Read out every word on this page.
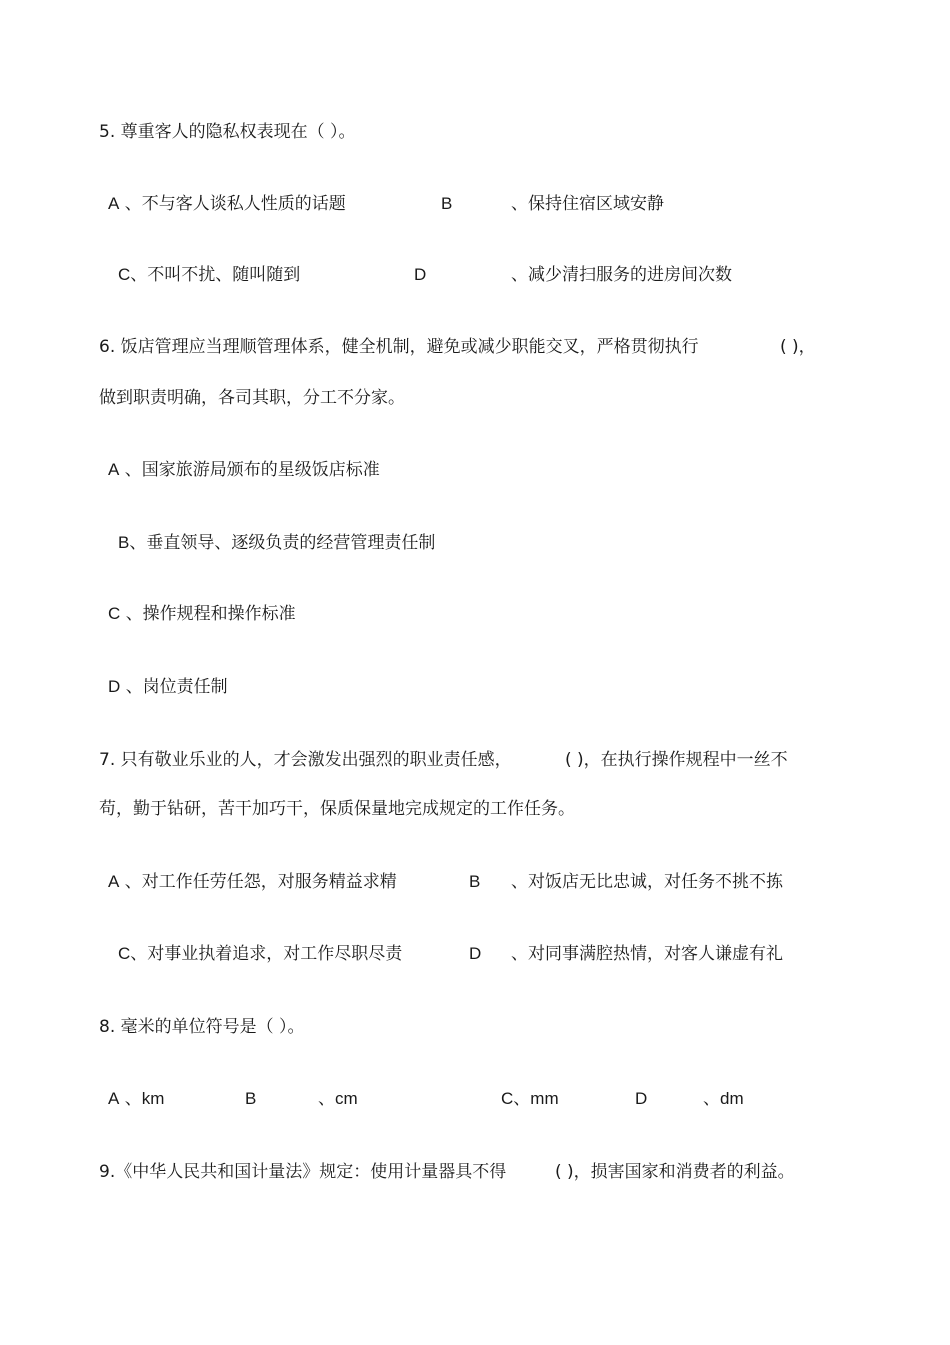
5. 尊重客人的隐私权表现在（ ）。
A 、不与客人谈私人性质的话题	B	、保持住宿区域安静
C、不叫不扰、随叫随到	D	、减少清扫服务的进房间次数
6. 饭店管理应当理顺管理体系，健全机制，避免或减少职能交叉，严格贯彻执行	( )，
做到职责明确，各司其职，分工不分家。
A 、国家旅游局颁布的星级饭店标准
B、垂直领导、逐级负责的经营管理责任制
C 、操作规程和操作标准
D 、岗位责任制
7. 只有敬业乐业的人，才会激发出强烈的职业责任感，	( )，在执行操作规程中一丝不
苟，勤于钻研，苦干加巧干，保质保量地完成规定的工作任务。
A 、对工作任劳任怨，对服务精益求精	B 、对饭店无比忠诚，对任务不挑不拣
C、对事业执着追求，对工作尽职尽责	D 、对同事满腔热情，对客人谦虚有礼
8. 毫米的单位符号是（ ）。
A 、km	B	、cm	C、mm	D	、dm
9.《中华人民共和国计量法》规定：使用计量器具不得	( )，损害国家和消费者的利益。
